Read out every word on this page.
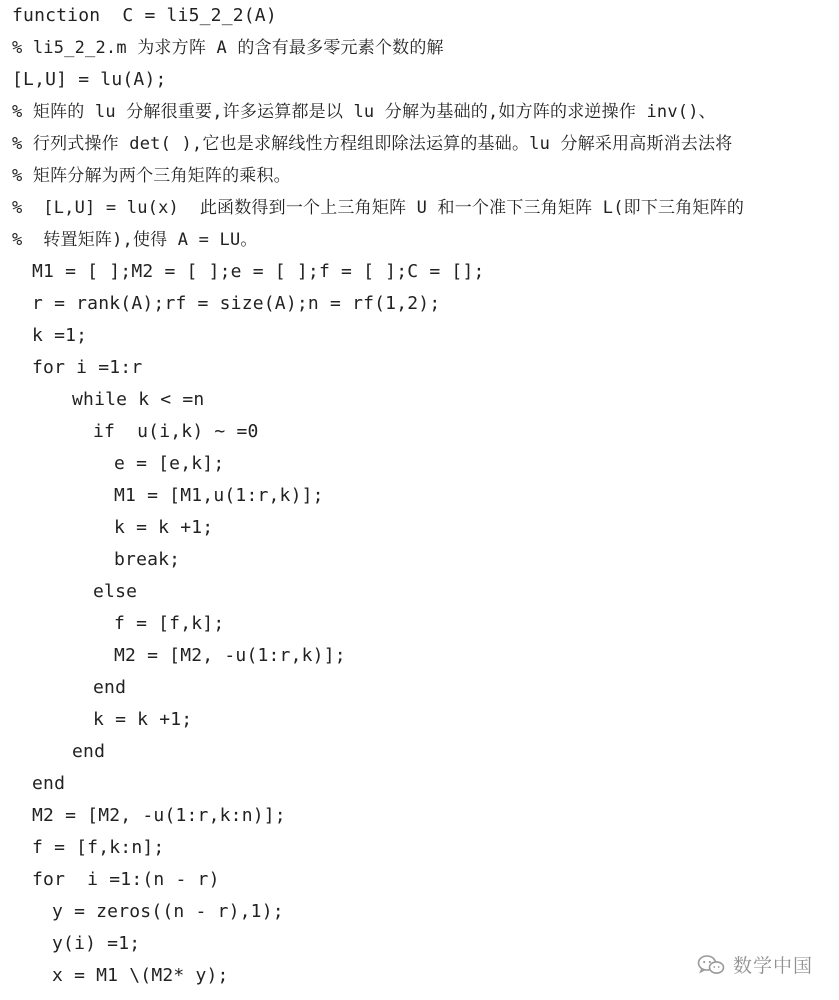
function  C = li5_2_2(A)
% li5_2_2.m 为求方阵 A 的含有最多零元素个数的解
[L,U] = lu(A);
% 矩阵的 lu 分解很重要,许多运算都是以 lu 分解为基础的,如方阵的求逆操作 inv()、
% 行列式操作 det( ),它也是求解线性方程组即除法运算的基础。lu 分解采用高斯消去法将
% 矩阵分解为两个三角矩阵的乘积。
%  [L,U] = lu(x)  此函数得到一个上三角矩阵 U 和一个准下三角矩阵 L(即下三角矩阵的
%  转置矩阵),使得 A = LU。
M1 = [ ];M2 = [ ];e = [ ];f = [ ];C = [];
r = rank(A);rf = size(A);n = rf(1,2);
k =1;
for i =1:r
while k < =n
if  u(i,k) ~ =0
e = [e,k];
M1 = [M1,u(1:r,k)];
k = k +1;
break;
else
f = [f,k];
M2 = [M2, -u(1:r,k)];
end
k = k +1;
end
end
M2 = [M2, -u(1:r,k:n)];
f = [f,k:n];
for  i =1:(n - r)
y = zeros((n - r),1);
y(i) =1;
x = M1 \(M2* y);	数学中国
